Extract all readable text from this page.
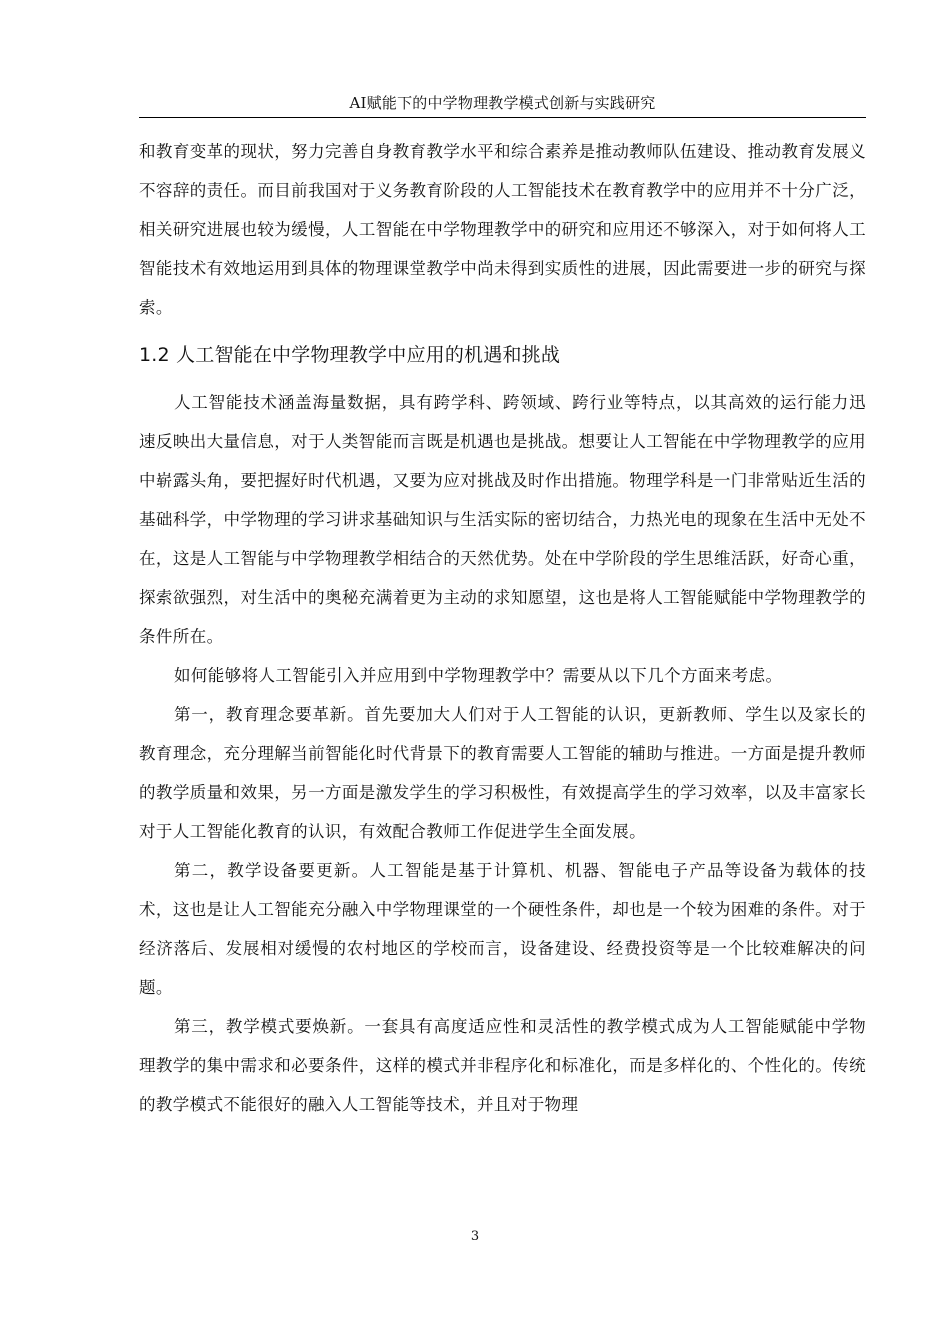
AI赋能下的中学物理教学模式创新与实践研究

和教育变革的现状，努力完善自身教育教学水平和综合素养是推动教师队伍建设、推动教育发展义不容辞的责任。而目前我国对于义务教育阶段的人工智能技术在教育教学中的应用并不十分广泛，相关研究进展也较为缓慢，人工智能在中学物理教学中的研究和应用还不够深入，对于如何将人工智能技术有效地运用到具体的物理课堂教学中尚未得到实质性的进展，因此需要进一步的研究与探索。

1.2 人工智能在中学物理教学中应用的机遇和挑战

人工智能技术涵盖海量数据，具有跨学科、跨领域、跨行业等特点，以其高效的运行能力迅速反映出大量信息，对于人类智能而言既是机遇也是挑战。想要让人工智能在中学物理教学的应用中崭露头角，要把握好时代机遇，又要为应对挑战及时作出措施。物理学科是一门非常贴近生活的基础科学，中学物理的学习讲求基础知识与生活实际的密切结合，力热光电的现象在生活中无处不在，这是人工智能与中学物理教学相结合的天然优势。处在中学阶段的学生思维活跃，好奇心重，探索欲强烈，对生活中的奥秘充满着更为主动的求知愿望，这也是将人工智能赋能中学物理教学的条件所在。

如何能够将人工智能引入并应用到中学物理教学中？需要从以下几个方面来考虑。

第一，教育理念要革新。首先要加大人们对于人工智能的认识，更新教师、学生以及家长的教育理念，充分理解当前智能化时代背景下的教育需要人工智能的辅助与推进。一方面是提升教师的教学质量和效果，另一方面是激发学生的学习积极性，有效提高学生的学习效率，以及丰富家长对于人工智能化教育的认识，有效配合教师工作促进学生全面发展。

第二，教学设备要更新。人工智能是基于计算机、机器、智能电子产品等设备为载体的技术，这也是让人工智能充分融入中学物理课堂的一个硬性条件，却也是一个较为困难的条件。对于经济落后、发展相对缓慢的农村地区的学校而言，设备建设、经费投资等是一个比较难解决的问题。

第三，教学模式要焕新。一套具有高度适应性和灵活性的教学模式成为人工智能赋能中学物理教学的集中需求和必要条件，这样的模式并非程序化和标准化，而是多样化的、个性化的。传统的教学模式不能很好的融入人工智能等技术，并且对于物理

3
